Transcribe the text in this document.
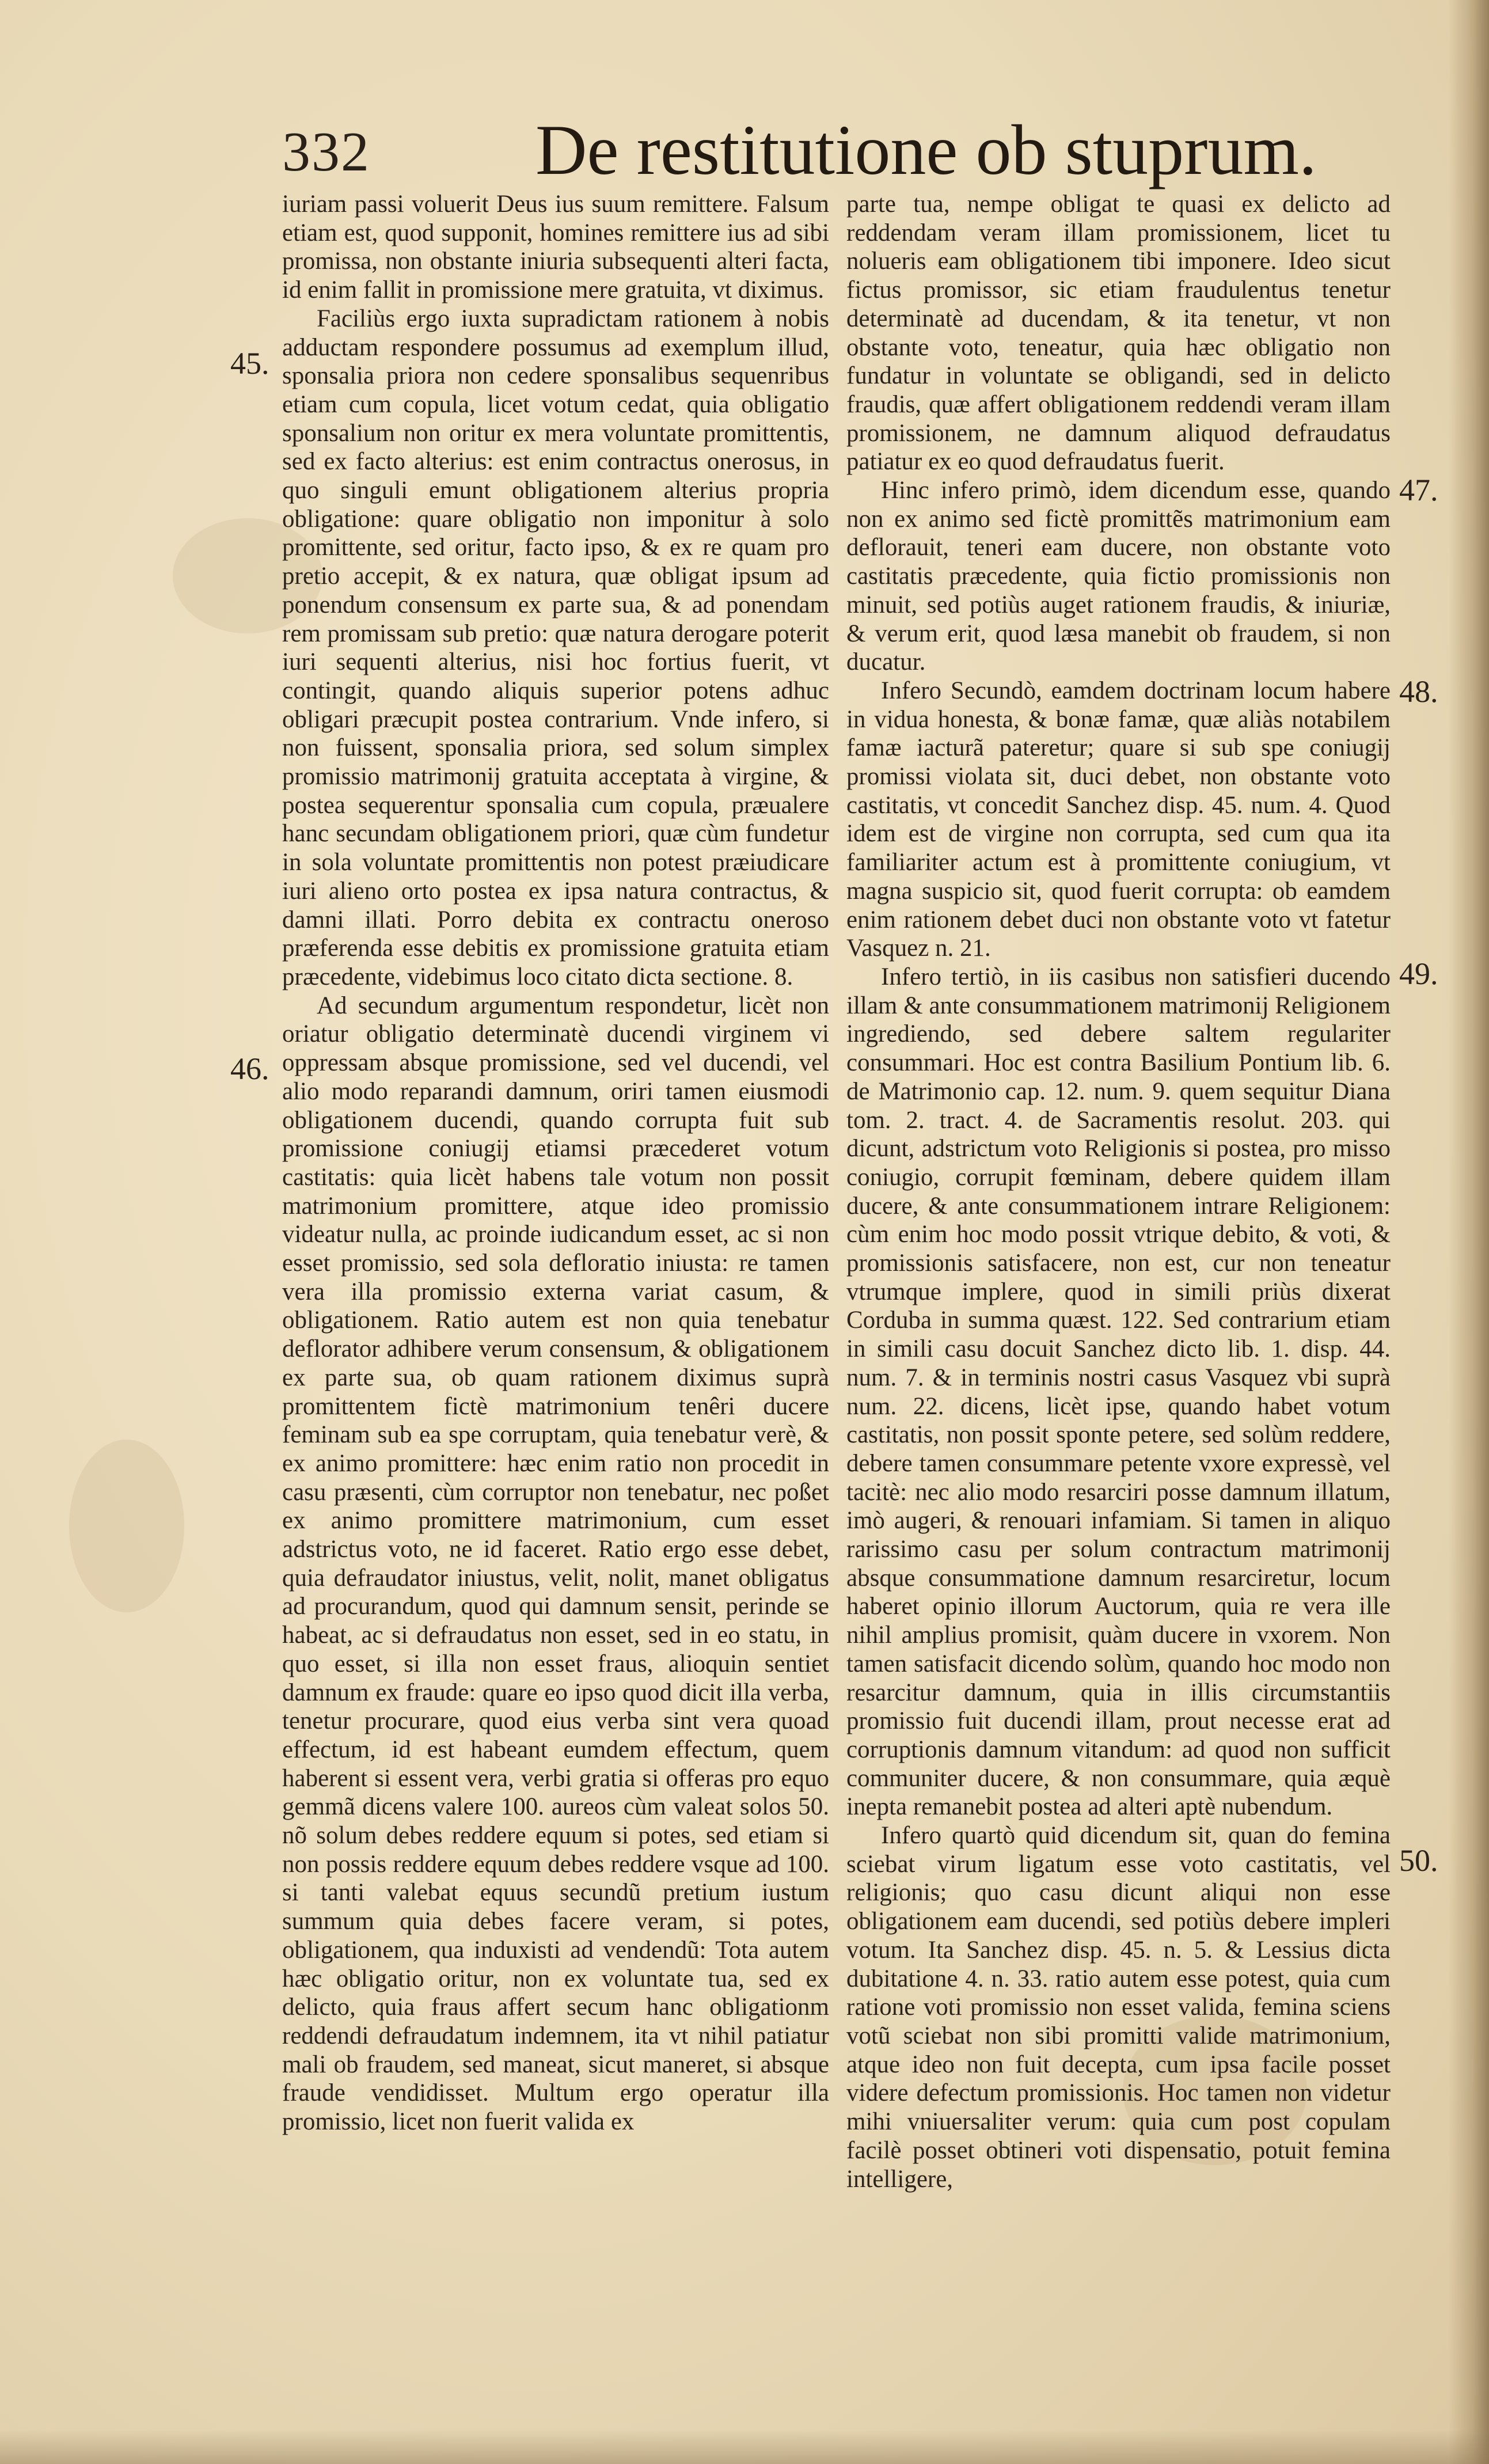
332 De restitutione ob stuprum.

iuriam passi voluerit Deus ius suum remittere. Falsum etiam est, quod supponit, homines remittere ius ad sibi promissa, non obstante iniuria subsequenti alteri facta, id enim fallit in promissione mere gratuita, vt diximus.

Faciliùs ergo iuxta supradictam rationem à nobis adductam respondere possumus ad exemplum illud, sponsalia priora non cedere sponsalibus sequenribus etiam cum copula, licet votum cedat, quia obligatio sponsalium non oritur ex mera voluntate promittentis, sed ex facto alterius: est enim contractus onerosus, in quo singuli emunt obligationem alterius propria obligatione: quare obligatio non imponitur à solo promittente, sed oritur, facto ipso, & ex re quam pro pretio accepit, & ex natura, quæ obligat ipsum ad ponendum consensum ex parte sua, & ad ponendam rem promissam sub pretio: quæ natura derogare poterit iuri sequenti alterius, nisi hoc fortius fuerit, vt contingit, quando aliquis superior potens adhuc obligari præcupit postea contrarium. Vnde infero, si non fuissent, sponsalia priora, sed solum simplex promissio matrimonij gratuita acceptata à virgine, & postea sequerentur sponsalia cum copula, præualere hanc secundam obligationem priori, quæ cùm fundetur in sola voluntate promittentis non potest præiudicare iuri alieno orto postea ex ipsa natura contractus, & damni illati. Porro debita ex contractu oneroso præferenda esse debitis ex promissione gratuita etiam præcedente, videbimus loco citato dicta sectione. 8.

Ad secundum argumentum respondetur, licèt non oriatur obligatio determinatè ducendi virginem vi oppressam absque promissione, sed vel ducendi, vel alio modo reparandi damnum, oriri tamen eiusmodi obligationem ducendi, quando corrupta fuit sub promissione coniugij etiamsi præcederet votum castitatis: quia licèt habens tale votum non possit matrimonium promittere, atque ideo promissio videatur nulla, ac proinde iudicandum esset, ac si non esset promissio, sed sola defloratio iniusta: re tamen vera illa promissio externa variat casum, & obligationem. Ratio autem est non quia tenebatur deflorator adhibere verum consensum, & obligationem ex parte sua, ob quam rationem diximus suprà promittentem fictè matrimonium tenêri ducere feminam sub ea spe corruptam, quia tenebatur verè, & ex animo promittere: hæc enim ratio non procedit in casu præsenti, cùm corruptor non tenebatur, nec poßet ex animo promittere matrimonium, cum esset adstrictus voto, ne id faceret. Ratio ergo esse debet, quia defraudator iniustus, velit, nolit, manet obligatus ad procurandum, quod qui damnum sensit, perinde se habeat, ac si defraudatus non esset, sed in eo statu, in quo esset, si illa non esset fraus, alioquin sentiet damnum ex fraude: quare eo ipso quod dicit illa verba, tenetur procurare, quod eius verba sint vera quoad effectum, id est habeant eumdem effectum, quem haberent si essent vera, verbi gratia si offeras pro equo gemmã dicens valere 100. aureos cùm valeat solos 50. nõ solum debes reddere equum si potes, sed etiam si non possis reddere equum debes reddere vsque ad 100. si tanti valebat equus secundũ pretium iustum summum quia debes facere veram, si potes, obligationem, qua induxisti ad vendendũ: Tota autem hæc obligatio oritur, non ex voluntate tua, sed ex delicto, quia fraus affert secum hanc obligationm reddendi defraudatum indemnem, ita vt nihil patiatur mali ob fraudem, sed maneat, sicut maneret, si absque fraude vendidisset. Multum ergo operatur illa promissio, licet non fuerit valida ex

parte tua, nempe obligat te quasi ex delicto ad reddendam veram illam promissionem, licet tu nolueris eam obligationem tibi imponere. Ideo sicut fictus promissor, sic etiam fraudulentus tenetur determinatè ad ducendam, & ita tenetur, vt non obstante voto, teneatur, quia hæc obligatio non fundatur in voluntate se obligandi, sed in delicto fraudis, quæ affert obligationem reddendi veram illam promissionem, ne damnum aliquod defraudatus patiatur ex eo quod defraudatus fuerit.

Hinc infero primò, idem dicendum esse, quando non ex animo sed fictè promittẽs matrimonium eam deflorauit, teneri eam ducere, non obstante voto castitatis præcedente, quia fictio promissionis non minuit, sed potiùs auget rationem fraudis, & iniuriæ, & verum erit, quod læsa manebit ob fraudem, si non ducatur.

Infero Secundò, eamdem doctrinam locum habere in vidua honesta, & bonæ famæ, quæ aliàs notabilem famæ iacturã pateretur; quare si sub spe coniugij promissi violata sit, duci debet, non obstante voto castitatis, vt concedit Sanchez disp. 45. num. 4. Quod idem est de virgine non corrupta, sed cum qua ita familiariter actum est à promittente coniugium, vt magna suspicio sit, quod fuerit corrupta: ob eamdem enim rationem debet duci non obstante voto vt fatetur Vasquez n. 21.

Infero tertiò, in iis casibus non satisfieri ducendo illam & ante consummationem matrimonij Religionem ingrediendo, sed debere saltem regulariter consummari. Hoc est contra Basilium Pontium lib. 6. de Matrimonio cap. 12. num. 9. quem sequitur Diana tom. 2. tract. 4. de Sacramentis resolut. 203. qui dicunt, adstrictum voto Religionis si postea, pro misso coniugio, corrupit fœminam, debere quidem illam ducere, & ante consummationem intrare Religionem: cùm enim hoc modo possit vtrique debito, & voti, & promissionis satisfacere, non est, cur non teneatur vtrumque implere, quod in simili priùs dixerat Corduba in summa quæst. 122. Sed contrarium etiam in simili casu docuit Sanchez dicto lib. 1. disp. 44. num. 7. & in terminis nostri casus Vasquez vbi suprà num. 22. dicens, licèt ipse, quando habet votum castitatis, non possit sponte petere, sed solùm reddere, debere tamen consummare petente vxore expressè, vel tacitè: nec alio modo resarciri posse damnum illatum, imò augeri, & renouari infamiam. Si tamen in aliquo rarissimo casu per solum contractum matrimonij absque consummatione damnum resarciretur, locum haberet opinio illorum Auctorum, quia re vera ille nihil amplius promisit, quàm ducere in vxorem. Non tamen satisfacit dicendo solùm, quando hoc modo non resarcitur damnum, quia in illis circumstantiis promissio fuit ducendi illam, prout necesse erat ad corruptionis damnum vitandum: ad quod non sufficit communiter ducere, & non consummare, quia æquè inepta remanebit postea ad alteri aptè nubendum.

Infero quartò quid dicendum sit, quan do femina sciebat virum ligatum esse voto castitatis, vel religionis; quo casu dicunt aliqui non esse obligationem eam ducendi, sed potiùs debere impleri votum. Ita Sanchez disp. 45. n. 5. & Lessius dicta dubitatione 4. n. 33. ratio autem esse potest, quia cum ratione voti promissio non esset valida, femina sciens votũ sciebat non sibi promitti valide matrimonium, atque ideo non fuit decepta, cum ipsa facile posset videre defectum promissionis. Hoc tamen non videtur mihi vniuersaliter verum: quia cum post copulam facilè posset obtineri voti dispensatio, potuit femina intelligere,

45.
46.
47.
48.
49.
50.
